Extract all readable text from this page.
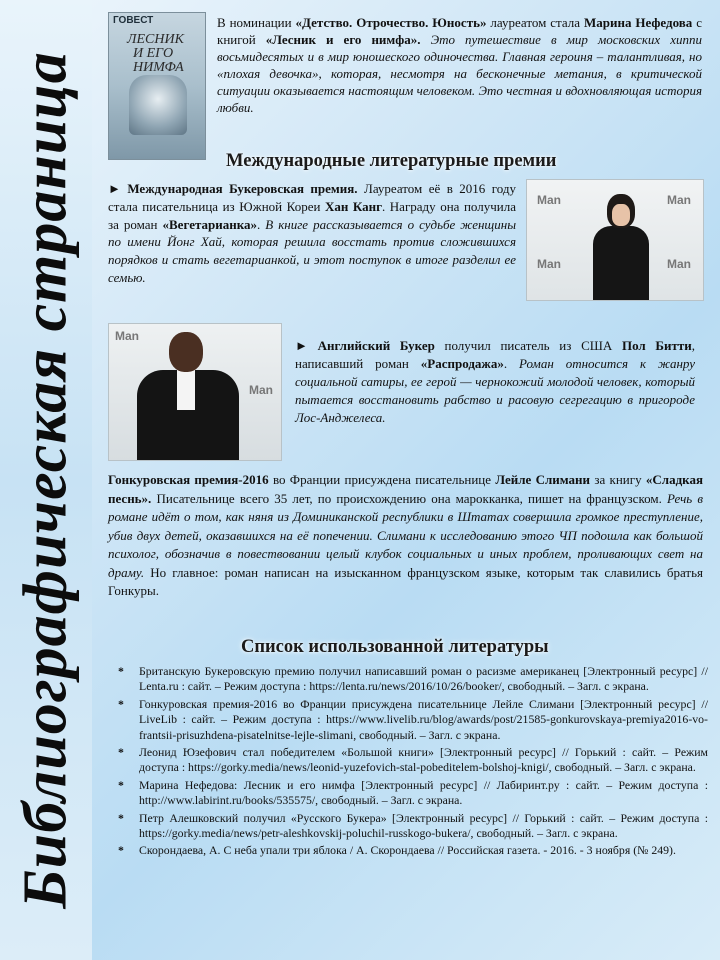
Библиографическая страница
ГОВЕСТ
ЛЕСНИК
И ЕГО НИМФА

В номинации «Детство. Отрочество. Юность» лауреатом стала Марина Нефедова с книгой «Лесник и его нимфа». Это путешествие в мир московских хиппи восьмидесятых и в мир юношеского одиночества. Главная героиня – талантливая, но «плохая девочка», которая, несмотря на бесконечные метания, в критической ситуации оказывается настоящим человеком. Это честная и вдохновляющая история любви.

Международные литературные премии

► Международная Букеровская премия. Лауреатом её в 2016 году стала писательница из Южной Кореи Хан Канг. Награду она получила за роман «Вегетарианка». В книге рассказывается о судьбе женщины по имени Йонг Хай, которая решила восстать против сложившихся порядков и стать вегетарианкой, и этот поступок в итоге разделил ее семью.

Man
Man
Man
Man
Man
Man

► Английский Букер получил писатель из США Пол Битти, написавший роман «Распродажа». Роман относится к жанру социальной сатиры, ее герой — чернокожий молодой человек, который пытается восстановить рабство и расовую сегрегацию в пригороде Лос-Анджелеса.

Гонкуровская премия-2016 во Франции присуждена писательнице Лейле Слимани за книгу «Сладкая песнь». Писательнице всего 35 лет, по происхождению она марокканка, пишет на французском. Речь в романе идёт о том, как няня из Доминиканской республики в Штатах совершила громкое преступление, убив двух детей, оказавшихся на её попечении. Слимани к исследованию этого ЧП подошла как большой психолог, обозначив в повествовании целый клубок социальных и иных проблем, проливающих свет на драму. Но главное: роман написан на изысканном французском языке, которым так славились братья Гонкуры.

Список использованной литературы
* Британскую Букеровскую премию получил написавший роман о расизме американец [Электронный ресурс] // Lenta.ru : сайт. – Режим доступа : https://lenta.ru/news/2016/10/26/booker/, свободный. – Загл. с экрана.
* Гонкуровская премия-2016 во Франции присуждена писательнице Лейле Слимани [Электронный ресурс] // LiveLib : сайт. – Режим доступа : https://www.livelib.ru/blog/awards/post/21585-gonkurovskaya-premiya2016-vo-frantsii-prisuzhdena-pisatelnitse-lejle-slimani, свободный. – Загл. с экрана.
* Леонид Юзефович стал победителем «Большой книги» [Электронный ресурс] // Горький : сайт. – Режим доступа : https://gorky.media/news/leonid-yuzefovich-stal-pobeditelem-bolshoj-knigi/, свободный. – Загл. с экрана.
* Марина Нефедова: Лесник и его нимфа [Электронный ресурс] // Лабиринт.ру : сайт. – Режим доступа : http://www.labirint.ru/books/535575/, свободный. – Загл. с экрана.
* Петр Алешковский получил «Русского Букера» [Электронный ресурс] // Горький : сайт. – Режим доступа : https://gorky.media/news/petr-aleshkovskij-poluchil-russkogo-bukera/, свободный. – Загл. с экрана.
* Скорондаева, А. С неба упали три яблока / А. Скорондаева // Российская газета. - 2016. - 3 ноября (№ 249).
